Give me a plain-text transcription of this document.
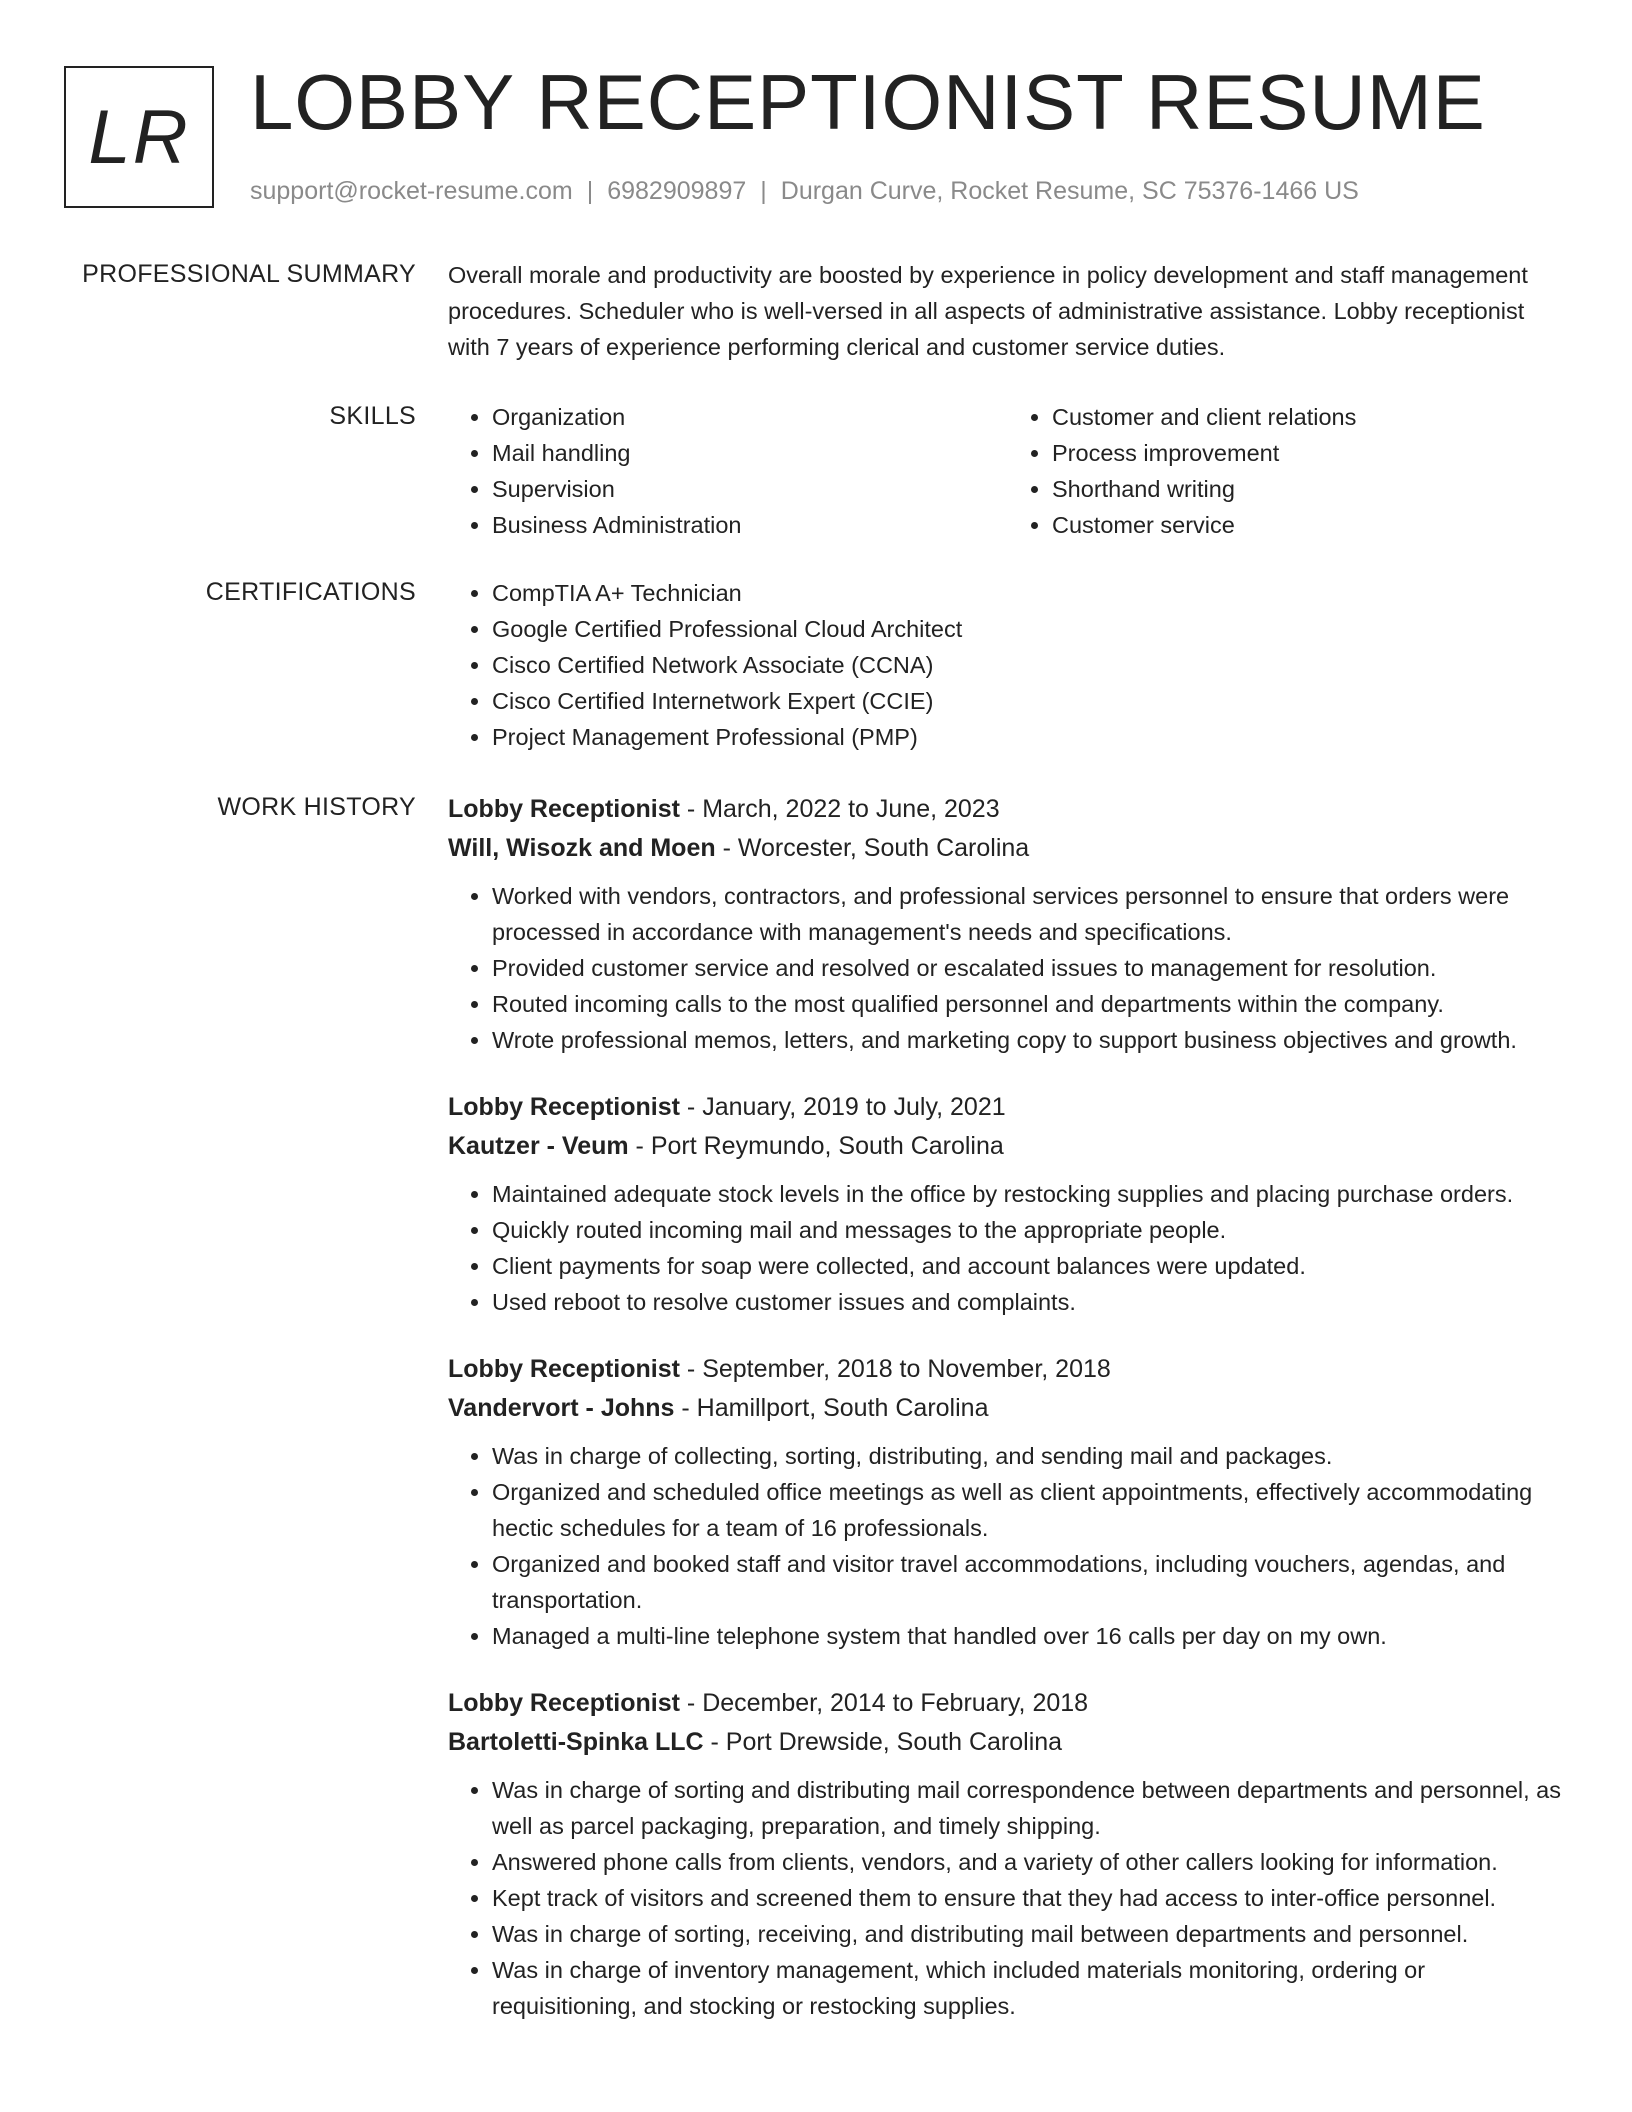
LR LOBBY RECEPTIONIST RESUME
support@rocket-resume.com | 6982909897 | Durgan Curve, Rocket Resume, SC 75376-1466 US
PROFESSIONAL SUMMARY Overall morale and productivity are boosted by experience in policy development and staff management procedures. Scheduler who is well-versed in all aspects of administrative assistance. Lobby receptionist with 7 years of experience performing clerical and customer service duties.
SKILLS	• Organization
• Mail handling
• Supervision
• Business Administration
• Customer and client relations
• Process improvement
• Shorthand writing
• Customer service
CERTIFICATIONS	• CompTIA A+ Technician
• Google Certified Professional Cloud Architect
• Cisco Certified Network Associate (CCNA)
• Cisco Certified Internetwork Expert (CCIE)
• Project Management Professional (PMP)
WORK HISTORY Lobby Receptionist - March, 2022 to June, 2023
Will, Wisozk and Moen - Worcester, South Carolina
• Worked with vendors, contractors, and professional services personnel to ensure that orders were processed in accordance with management's needs and specifications.
• Provided customer service and resolved or escalated issues to management for resolution.
• Routed incoming calls to the most qualified personnel and departments within the company.
• Wrote professional memos, letters, and marketing copy to support business objectives and growth.
Lobby Receptionist - January, 2019 to July, 2021
Kautzer - Veum - Port Reymundo, South Carolina
• Maintained adequate stock levels in the office by restocking supplies and placing purchase orders.
• Quickly routed incoming mail and messages to the appropriate people.
• Client payments for soap were collected, and account balances were updated.
• Used reboot to resolve customer issues and complaints.
Lobby Receptionist - September, 2018 to November, 2018
Vandervort - Johns - Hamillport, South Carolina
• Was in charge of collecting, sorting, distributing, and sending mail and packages.
• Organized and scheduled office meetings as well as client appointments, effectively accommodating hectic schedules for a team of 16 professionals.
• Organized and booked staff and visitor travel accommodations, including vouchers, agendas, and transportation.
• Managed a multi-line telephone system that handled over 16 calls per day on my own.
Lobby Receptionist - December, 2014 to February, 2018
Bartoletti-Spinka LLC - Port Drewside, South Carolina
• Was in charge of sorting and distributing mail correspondence between departments and personnel, as well as parcel packaging, preparation, and timely shipping.
• Answered phone calls from clients, vendors, and a variety of other callers looking for information.
• Kept track of visitors and screened them to ensure that they had access to inter-office personnel.
• Was in charge of sorting, receiving, and distributing mail between departments and personnel.
• Was in charge of inventory management, which included materials monitoring, ordering or requisitioning, and stocking or restocking supplies.
